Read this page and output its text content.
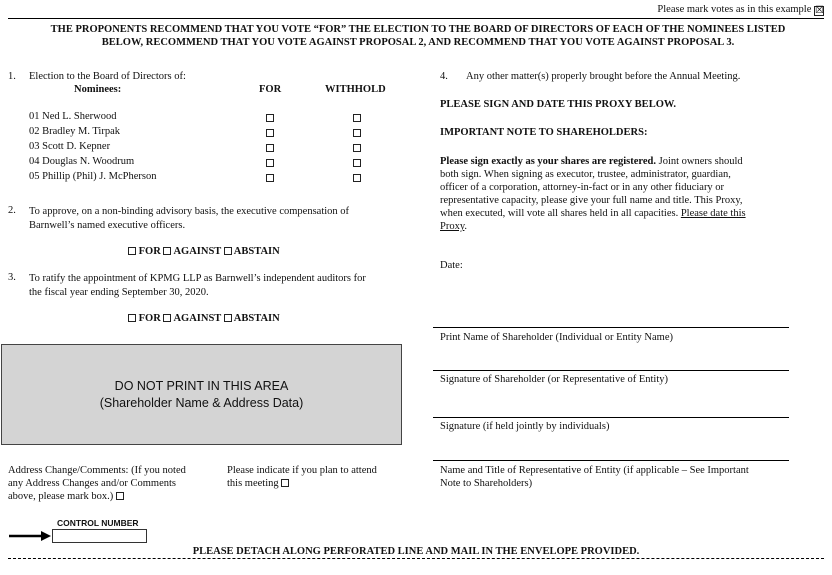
Please mark votes as in this example ☒
THE PROPONENTS RECOMMEND THAT YOU VOTE “FOR” THE ELECTION TO THE BOARD OF DIRECTORS OF EACH OF THE NOMINEES LISTED
BELOW, RECOMMEND THAT YOU VOTE AGAINST PROPOSAL 2, AND RECOMMEND THAT YOU VOTE AGAINST PROPOSAL 3.
1. Election to the Board of Directors of:
Nominees:	FOR	WITHHOLD
01 Ned L. Sherwood
02 Bradley M. Tirpak
03 Scott D. Kepner
04 Douglas N. Woodrum
05 Phillip (Phil) J. McPherson
2. To approve, on a non-binding advisory basis, the executive compensation of
Barnwell’s named executive officers.
FOR AGAINST ABSTAIN
3. To ratify the appointment of KPMG LLP as Barnwell’s independent auditors for
the fiscal year ending September 30, 2020.
FOR AGAINST ABSTAIN
DO NOT PRINT IN THIS AREA
(Shareholder Name & Address Data)
Address Change/Comments: (If you noted
any Address Changes and/or Comments
above, please mark box.)
Please indicate if you plan to attend
this meeting
CONTROL NUMBER
4. Any other matter(s) properly brought before the Annual Meeting.
PLEASE SIGN AND DATE THIS PROXY BELOW.
IMPORTANT NOTE TO SHAREHOLDERS:
Please sign exactly as your shares are registered. Joint owners should
both sign. When signing as executor, trustee, administrator, guardian,
officer of a corporation, attorney-in-fact or in any other fiduciary or
representative capacity, please give your full name and title. This Proxy,
when executed, will vote all shares held in all capacities. Please date this
Proxy.
Date:
Print Name of Shareholder (Individual or Entity Name)
Signature of Shareholder (or Representative of Entity)
Signature (if held jointly by individuals)
Name and Title of Representative of Entity (if applicable – See Important
Note to Shareholders)
PLEASE DETACH ALONG PERFORATED LINE AND MAIL IN THE ENVELOPE PROVIDED.
